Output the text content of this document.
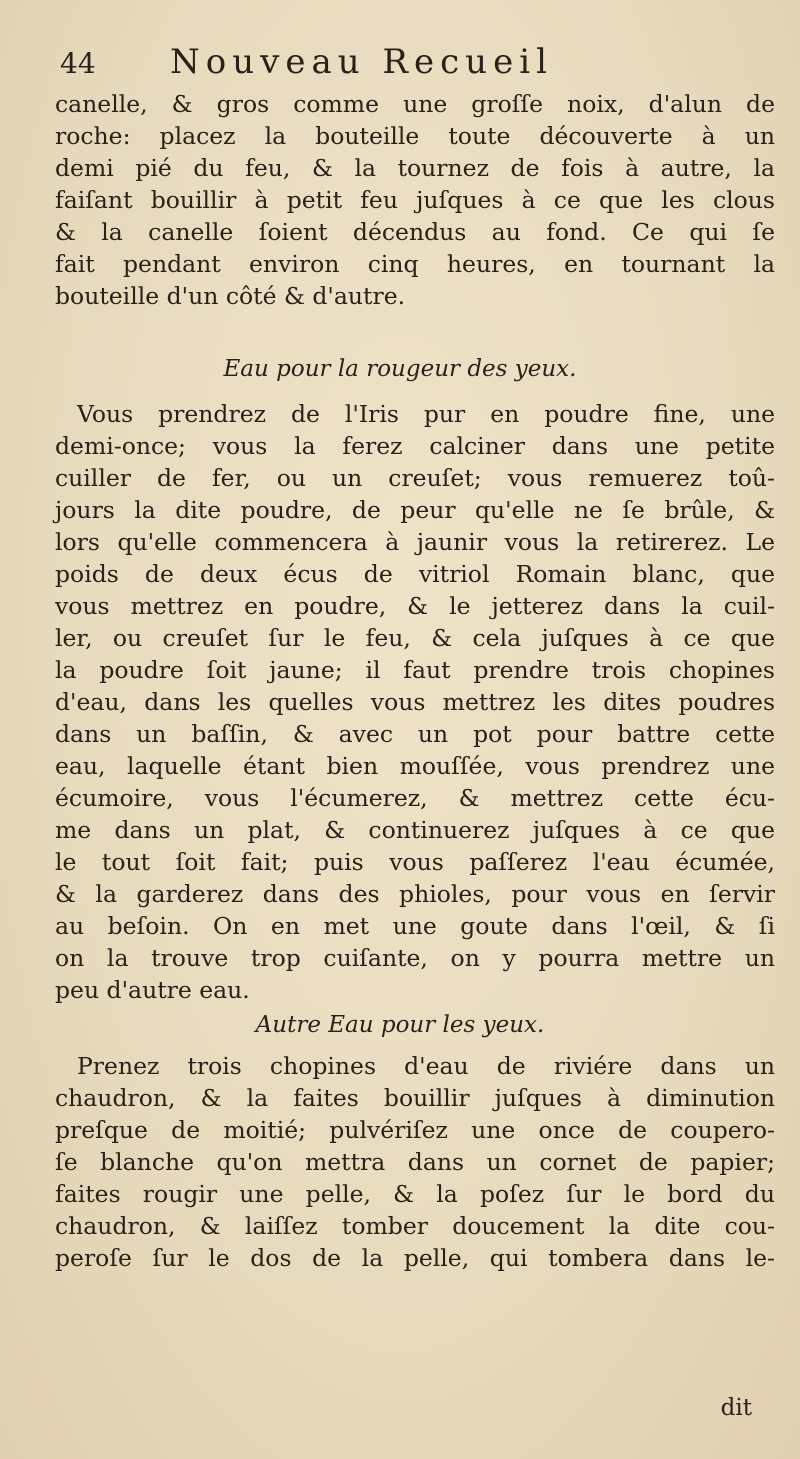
44	Nouveau Recueil
canelle, & gros comme une groſſe noix, d'alun de
roche: placez la bouteille toute découverte à un
demi pié du feu, & la tournez de fois à autre, la
faiſant bouillir à petit feu juſques à ce que les clous
& la canelle ſoient décendus au fond. Ce qui ſe
fait pendant environ cinq heures, en tournant la
bouteille d'un côté & d'autre.
Eau pour la rougeur des yeux.
Vous prendrez de l'Iris pur en poudre fine, une
demi-once; vous la ferez calciner dans une petite
cuiller de fer, ou un creuſet; vous remuerez toû-
jours la dite poudre, de peur qu'elle ne ſe brûle, &
lors qu'elle commencera à jaunir vous la retirerez. Le
poids de deux écus de vitriol Romain blanc, que
vous mettrez en poudre, & le jetterez dans la cuil-
ler, ou creuſet ſur le feu, & cela juſques à ce que
la poudre ſoit jaune; il faut prendre trois chopines
d'eau, dans les quelles vous mettrez les dites poudres
dans un baſſin, & avec un pot pour battre cette
eau, laquelle étant bien mouſſée, vous prendrez une
écumoire, vous l'écumerez, & mettrez cette écu-
me dans un plat, & continuerez juſques à ce que
le tout ſoit fait; puis vous paſſerez l'eau écumée,
& la garderez dans des phioles, pour vous en ſervir
au beſoin. On en met une goute dans l'œil, & ſi
on la trouve trop cuiſante, on y pourra mettre un
peu d'autre eau.
Autre Eau pour les yeux.
Prenez trois chopines d'eau de riviére dans un
chaudron, & la faites bouillir juſques à diminution
preſque de moitié; pulvériſez une once de coupero-
ſe blanche qu'on mettra dans un cornet de papier;
faites rougir une pelle, & la poſez ſur le bord du
chaudron, & laiſſez tomber doucement la dite cou-
peroſe ſur le dos de la pelle, qui tombera dans le-
dit
